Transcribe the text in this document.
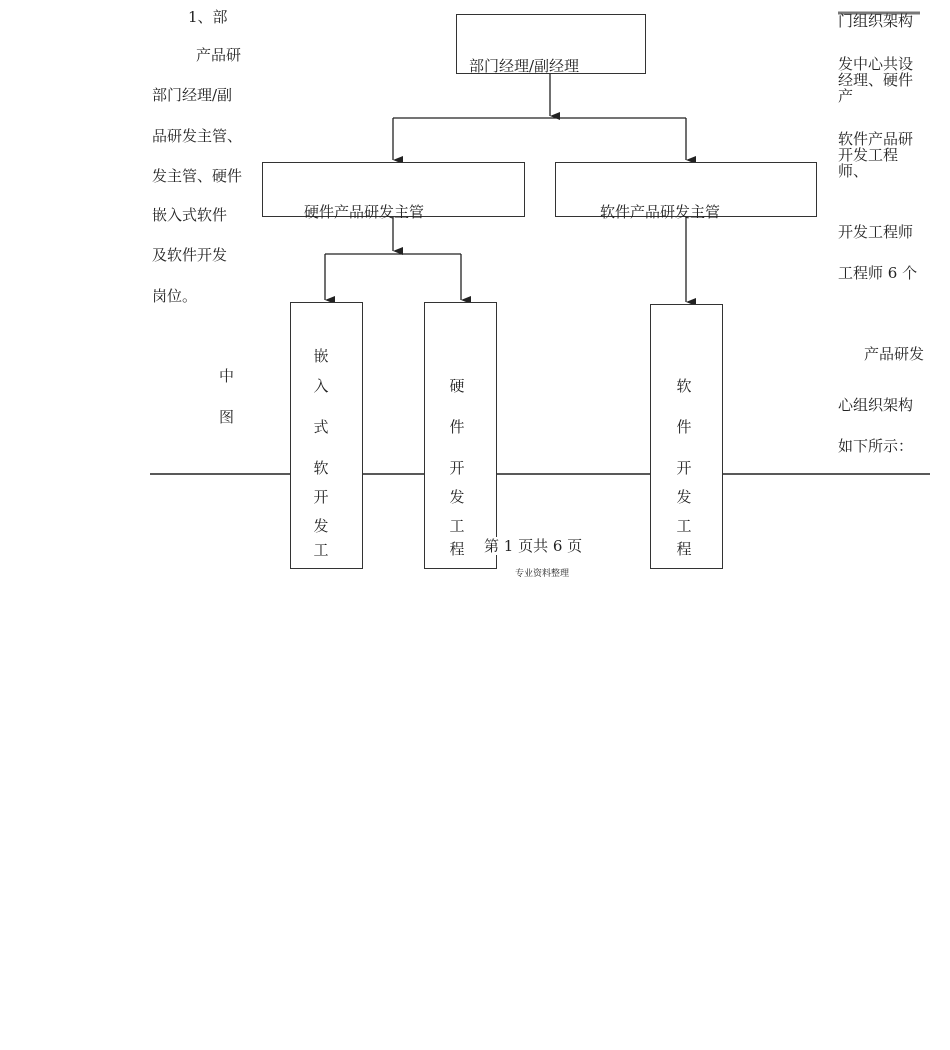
1、部
产品研
部门经理/副
品研发主管、
发主管、硬件
嵌入式软件
及软件开发
岗位。
中
图
门组织架构
发中心共设经理、硬件产
软件产品研开发工程师、
开发工程师
工程师 6 个
产品研发
心组织架构
如下所示：
部门经理/副经理
硬件产品研发主管	软件产品研发主管
嵌
入
式
软
开
发
工
硬
件
开
发
工
程
软
件
开
发
工
程
第 1 页共 6 页
专业资料整理
